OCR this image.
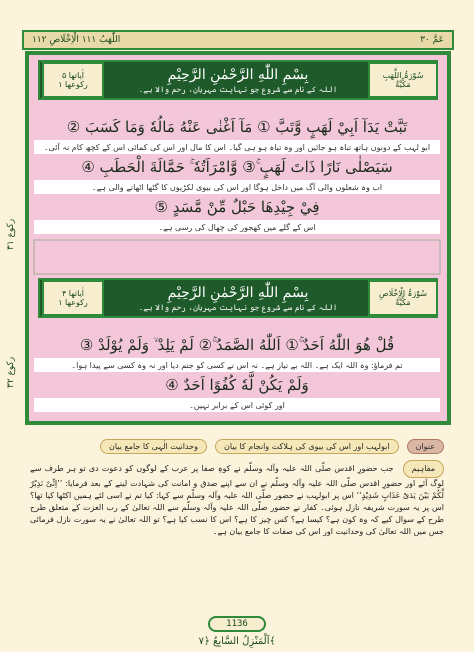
عَمَّ ۳۰
اللّٰهَبُ ۱۱۱ الْاِخْلَاصِ ۱۱۲
بِسْمِ اللّٰهِ الرَّحْمٰنِ الرَّحِیْمِ
اللہ کے نام سے شروع جو نہایت مہربان، رحم والا ہے۔
اٰیاتھا ۵
رکوعھا ۱
سُوْرَۃُ اللَّهَبِ
مَكِّيَّةٌ
تَبَّتْ يَدَآ اَبِيْ لَهَبٍ وَّتَبَّ ① مَآ اَغْنٰى عَنْهُ مَالُهٗ وَمَا كَسَبَ ②
ابو لہب کے دونوں ہاتھ تباہ ہو جائیں اور وہ تباہ ہو ہی گیا۔ اس کا مال اور اس کی کمائی اس کے کچھ کام نہ آئی۔
سَيَصْلٰى نَارًا ذَاتَ لَهَبٍ ۚ③ وَّامْرَاَتُهٗ ۚ حَمَّالَةَ الْحَطَبِ ④
اب وہ شعلوں والی آگ میں داخل ہوگا اور اس کی بیوی لکڑیوں کا گٹھا اٹھانے والی ہے۔
فِيْ جِيْدِهَا حَبْلٌ مِّنْ مَّسَدٍ ⑤
اس کے گلے میں کھجور کی چھال کی رسی ہے۔
بِسْمِ اللّٰهِ الرَّحْمٰنِ الرَّحِیْمِ
اللہ کے نام سے شروع جو نہایت مہربان، رحم والا ہے۔
اٰیاتھا ۴
رکوعھا ۱
سُوْرَۃُ الْاِخْلَاصِ
مَكِّيَّةٌ
قُلْ هُوَ اللّٰهُ اَحَدٌ ۚ① اَللّٰهُ الصَّمَدُ ۚ② لَمْ يَلِدْ ۙ وَلَمْ يُوْلَدْ ③
تم فرماؤ: وہ اللہ ایک ہے۔ اللہ بے نیاز ہے۔ نہ اس نے کسی کو جنم دیا اور نہ وہ کسی سے پیدا ہوا۔
وَلَمْ يَكُنْ لَّهٗ كُفُوًا اَحَدٌ ④
اور کوئی اس کے برابر نہیں۔
رکوع ۳۱
رکوع ۳۲
عنوان
ابولہب اور اس کی بیوی کی ہلاکت وانجام کا بیان
وحدانیت الٰہی کا جامع بیان
مفاہیم جب حضورِ اقدس صلّی اللہ علیہ وآلہ وسلّم نے کوہِ صفا پر عرب کے لوگوں کو دعوت دی تو ہر طرف سے لوگ آئے اور حضورِ اقدس صلّی اللہ علیہ وآلہ وسلّم نے ان سے اپنے صدق و امانت کی شہادت لینے کے بعد فرمایا: ’’اِنِّیْ نَذِیْرٌ لَّکُمْ بَیْنَ یَدَیْ عَذَابٍ شَدِیْدٍ‘‘ اس پر ابولہب نے حضور صلّی اللہ علیہ وآلہ وسلّم سے کہا: کیا تم نے اسی لئے ہمیں اکٹھا کیا تھا؟ اس پر یہ سورت شریفہ نازل ہوئی۔ کفار نے حضور صلّی اللہ علیہ وآلہ وسلّم سے اللہ تعالیٰ کے رب العزت کے متعلق طرح طرح کے سوال کیے کہ وہ کون ہے؟ کیسا ہے؟ کس چیز کا ہے؟ اس کا نسب کیا ہے؟ تو اللہ تعالیٰ نے یہ سورت نازل فرمائی جس میں اللہ تعالیٰ کی وحدانیت اور اس کی صفات کا جامع بیان ہے۔
1136
اَلْمَنْزِلُ السَّابِعُ ﴿٧﴾
